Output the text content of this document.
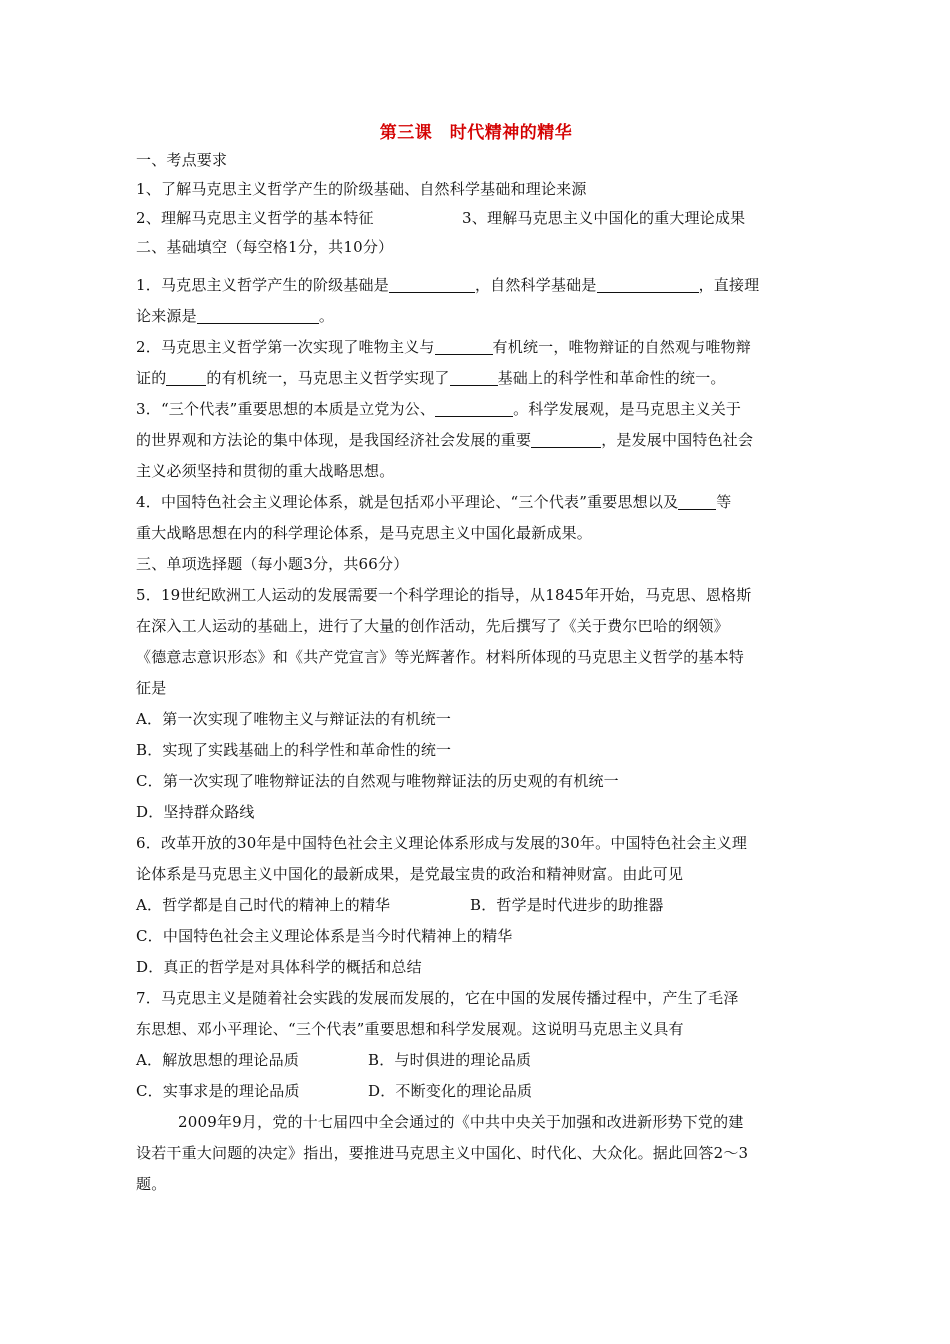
第三课　时代精神的精华
一、考点要求
1、了解马克思主义哲学产生的阶级基础、自然科学基础和理论来源
2、理解马克思主义哲学的基本特征	3、理解马克思主义中国化的重大理论成果
二、基础填空（每空格1分，共10分）
1．马克思主义哲学产生的阶级基础是	，自然科学基础是	，直接理
论来源是	。
2．马克思主义哲学第一次实现了唯物主义与	有机统一，唯物辩证的自然观与唯物辩
证的	的有机统一，马克思主义哲学实现了	基础上的科学性和革命性的统一。
3．“三个代表”重要思想的本质是立党为公、	。科学发展观，是马克思主义关于
的世界观和方法论的集中体现，是我国经济社会发展的重要	，是发展中国特色社会
主义必须坚持和贯彻的重大战略思想。
4．中国特色社会主义理论体系，就是包括邓小平理论、“三个代表”重要思想以及	等
重大战略思想在内的科学理论体系，是马克思主义中国化最新成果。
三、单项选择题（每小题3分，共66分）
5．19世纪欧洲工人运动的发展需要一个科学理论的指导，从1845年开始，马克思、恩格斯
在深入工人运动的基础上，进行了大量的创作活动，先后撰写了《关于费尔巴哈的纲领》
《德意志意识形态》和《共产党宣言》等光辉著作。材料所体现的马克思主义哲学的基本特
征是
A．第一次实现了唯物主义与辩证法的有机统一
B．实现了实践基础上的科学性和革命性的统一
C．第一次实现了唯物辩证法的自然观与唯物辩证法的历史观的有机统一
D．坚持群众路线
6．改革开放的30年是中国特色社会主义理论体系形成与发展的30年。中国特色社会主义理
论体系是马克思主义中国化的最新成果，是党最宝贵的政治和精神财富。由此可见
A．哲学都是自己时代的精神上的精华	B．哲学是时代进步的助推器
C．中国特色社会主义理论体系是当今时代精神上的精华
D．真正的哲学是对具体科学的概括和总结
7．马克思主义是随着社会实践的发展而发展的，它在中国的发展传播过程中，产生了毛泽
东思想、邓小平理论、“三个代表”重要思想和科学发展观。这说明马克思主义具有
A．解放思想的理论品质	B．与时俱进的理论品质
C．实事求是的理论品质	D．不断变化的理论品质
2009年9月，党的十七届四中全会通过的《中共中央关于加强和改进新形势下党的建
设若干重大问题的决定》指出，要推进马克思主义中国化、时代化、大众化。据此回答2～3
题。
